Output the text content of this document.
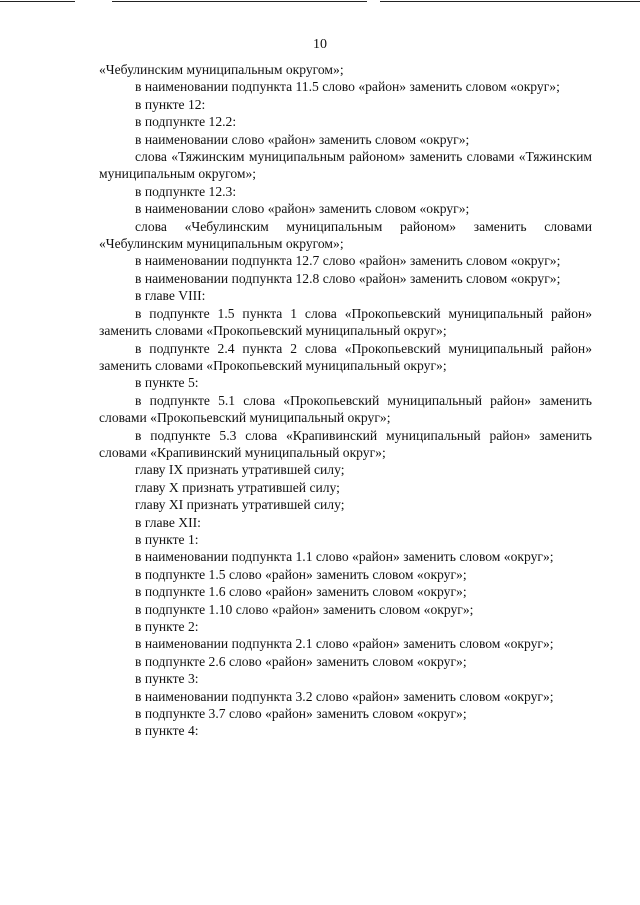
10

«Чебулинским муниципальным округом»;

в наименовании подпункта 11.5 слово «район» заменить словом «округ»;

в пункте 12:

в подпункте 12.2:

в наименовании слово «район» заменить словом «округ»;

слова «Тяжинским муниципальным районом» заменить словами «Тяжинским муниципальным округом»;

в подпункте 12.3:

в наименовании слово «район» заменить словом «округ»;

слова «Чебулинским муниципальным районом» заменить словами «Чебулинским муниципальным округом»;

в наименовании подпункта 12.7 слово «район» заменить словом «округ»;

в наименовании подпункта 12.8 слово «район» заменить словом «округ»;

в главе VIII:

в подпункте 1.5 пункта 1 слова «Прокопьевский муниципальный район» заменить словами «Прокопьевский муниципальный округ»;

в подпункте 2.4 пункта 2 слова «Прокопьевский муниципальный район» заменить словами «Прокопьевский муниципальный округ»;

в пункте 5:

в подпункте 5.1 слова «Прокопьевский муниципальный район» заменить словами «Прокопьевский муниципальный округ»;

в подпункте 5.3 слова «Крапивинский муниципальный район» заменить словами «Крапивинский муниципальный округ»;

главу IX признать утратившей силу;

главу X признать утратившей силу;

главу XI признать утратившей силу;

в главе XII:

в пункте 1:

в наименовании подпункта 1.1 слово «район» заменить словом «округ»;

в подпункте 1.5 слово «район» заменить словом «округ»;

в подпункте 1.6 слово «район» заменить словом «округ»;

в подпункте 1.10 слово «район» заменить словом «округ»;

в пункте 2:

в наименовании подпункта 2.1 слово «район» заменить словом «округ»;

в подпункте 2.6 слово «район» заменить словом «округ»;

в пункте 3:

в наименовании подпункта 3.2 слово «район» заменить словом «округ»;

в подпункте 3.7 слово «район» заменить словом «округ»;

в пункте 4:
